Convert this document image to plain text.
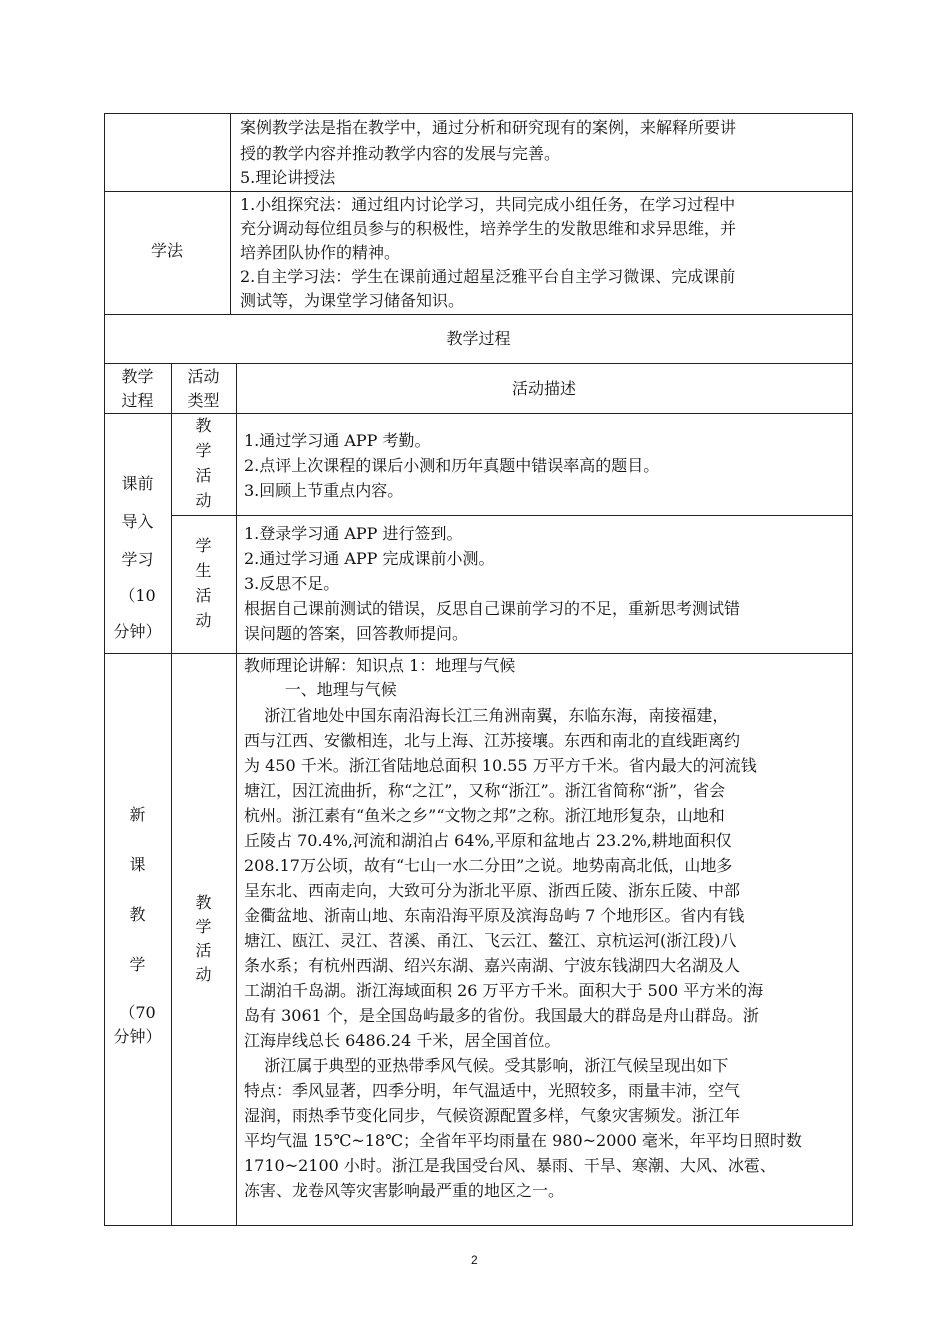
案例教学法是指在教学中，通过分析和研究现有的案例，来解释所要讲
授的教学内容并推动教学内容的发展与完善。
5.理论讲授法
学法
1.小组探究法：通过组内讨论学习，共同完成小组任务，在学习过程中
充分调动每位组员参与的积极性，培养学生的发散思维和求异思维，并
培养团队协作的精神。
2.自主学习法：学生在课前通过超星泛雅平台自主学习微课、完成课前
测试等，为课堂学习储备知识。
教学过程
教学
过程
活动
类型
活动描述
课前
导入
学习
（10
分钟）
教
学
活
动
1.通过学习通 APP 考勤。
2.点评上次课程的课后小测和历年真题中错误率高的题目。
3.回顾上节重点内容。
学
生
活
动
1.登录学习通 APP 进行签到。
2.通过学习通 APP 完成课前小测。
3.反思不足。
根据自己课前测试的错误，反思自己课前学习的不足，重新思考测试错
误问题的答案，回答教师提问。
新
课
教
学
（70
分钟）
教
学
活
动
教师理论讲解：知识点 1：地理与气候
一、地理与气候
浙江省地处中国东南沿海长江三角洲南翼，东临东海，南接福建，
西与江西、安徽相连，北与上海、江苏接壤。东西和南北的直线距离约
为 450 千米。浙江省陆地总面积 10.55 万平方千米。省内最大的河流钱
塘江，因江流曲折，称“之江”，又称“浙江”。浙江省简称“浙”，省会
杭州。浙江素有“鱼米之乡”“文物之邦”之称。浙江地形复杂，山地和
丘陵占 70.4%,河流和湖泊占 64%,平原和盆地占 23.2%,耕地面积仅
208.17万公顷，故有“七山一水二分田”之说。地势南高北低，山地多
呈东北、西南走向，大致可分为浙北平原、浙西丘陵、浙东丘陵、中部
金衢盆地、浙南山地、东南沿海平原及滨海岛屿 7 个地形区。省内有钱
塘江、瓯江、灵江、苕溪、甬江、飞云江、鳌江、京杭运河(浙江段)八
条水系；有杭州西湖、绍兴东湖、嘉兴南湖、宁波东钱湖四大名湖及人
工湖泊千岛湖。浙江海域面积 26 万平方千米。面积大于 500 平方米的海
岛有 3061 个，是全国岛屿最多的省份。我国最大的群岛是舟山群岛。浙
江海岸线总长 6486.24 千米，居全国首位。
浙江属于典型的亚热带季风气候。受其影响，浙江气候呈现出如下
特点：季风显著，四季分明，年气温适中，光照较多，雨量丰沛，空气
湿润，雨热季节变化同步，气候资源配置多样，气象灾害频发。浙江年
平均气温 15℃~18℃；全省年平均雨量在 980~2000 毫米，年平均日照时数
1710~2100 小时。浙江是我国受台风、暴雨、干旱、寒潮、大风、冰雹、
冻害、龙卷风等灾害影响最严重的地区之一。
2
